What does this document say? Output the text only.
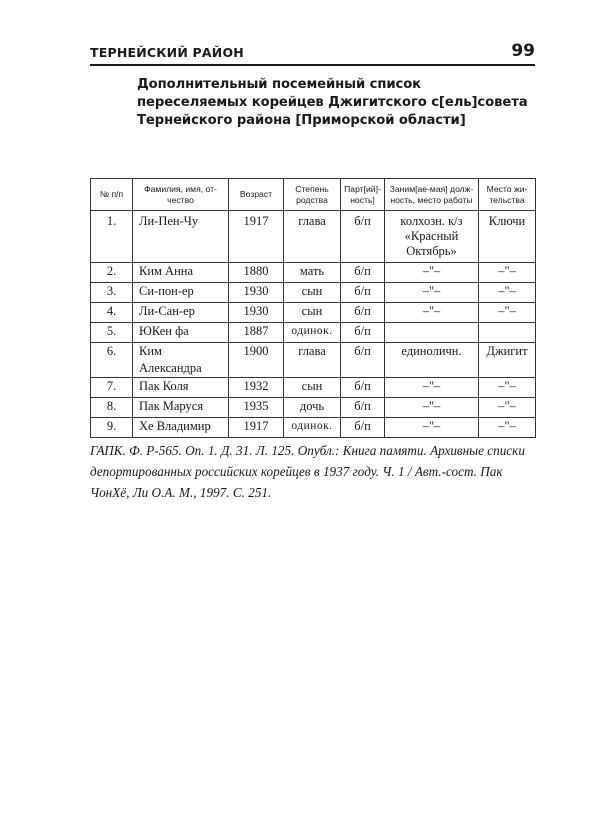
ТЕРНЕЙСКИЙ РАЙОН	99
Дополнительный посемейный список переселяемых корейцев Джигитского с[ель]совета Тернейского района [Приморской области]
№ п/п	Фамилия, имя, от-чество	Возраст	Степень родства	Парт[ий]-ность]	Заним[ае-мая] долж-ность, место работы	Место жи-тельства
1.	Ли-Пен-Чу	1917	глава	б/п	колхозн. к/з «Красный Октябрь»	Ключи
2.	Ким Анна	1880	мать	б/п	–"–	–"–
3.	Си-пон-ер	1930	сын	б/п	–"–	–"–
4.	Ли-Сан-ер	1930	сын	б/п	–"–	–"–
5.	ЮКен фа	1887	одинок.	б/п		
6.	Ким Александра	1900	глава	б/п	единоличн.	Джигит
7.	Пак Коля	1932	сын	б/п	–"–	–"–
8.	Пак Маруся	1935	дочь	б/п	–"–	–"–
9.	Хе Владимир	1917	одинок.	б/п	–"–	–"–

ГАПК. Ф. Р-565. Оп. 1. Д. 31. Л. 125. Опубл.: Книга памяти. Архивные списки депортированных российских корейцев в 1937 году. Ч. 1 / Авт.-сост. Пак ЧонХё, Ли О.А. М., 1997. С. 251.
